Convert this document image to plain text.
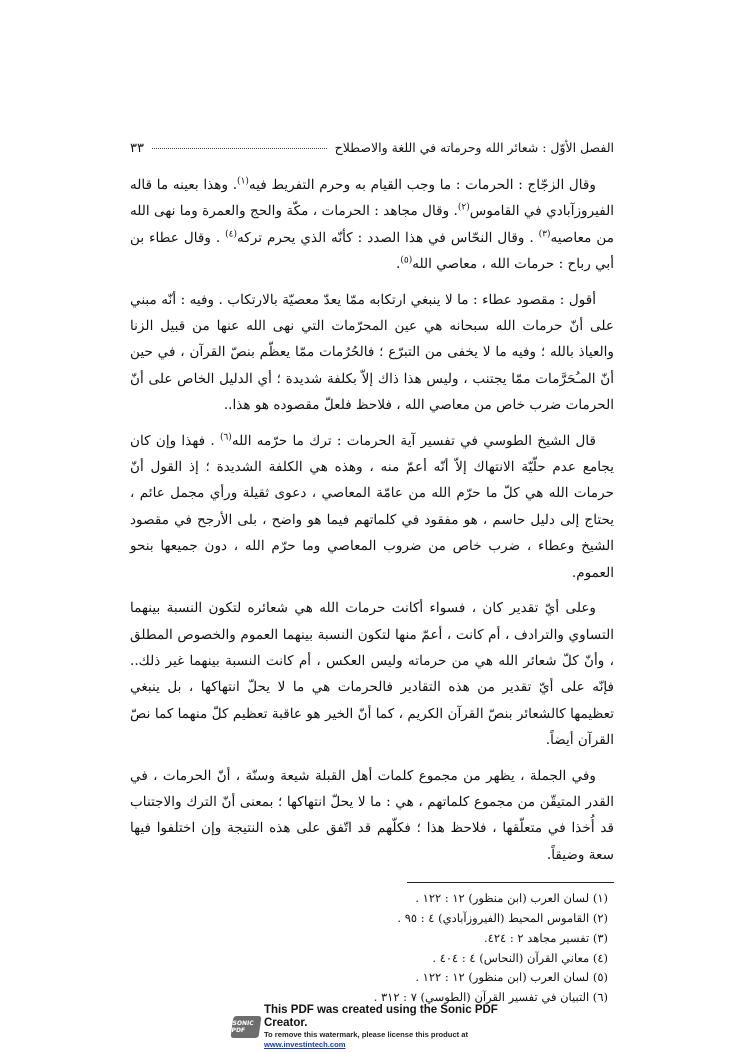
الفصل الأوّل : شعائر الله وحرماته في اللغة والاصطلاح
٣٣

وقال الزجّاج : الحرمات : ما وجب القيام به وحرم التفريط فيه$^{(١)}$. وهذا بعينه ما قاله الفيروزآبادي في القاموس$^{(٢)}$. وقال مجاهد : الحرمات ، مكّة والحج والعمرة وما نهى الله من معاصيه$^{(٣)}$ . وقال النحّاس في هذا الصدد : كأنّه الذي يحرم تركه$^{(٤)}$ . وقال عطاء بن أبي رباح : حرمات الله ، معاصي الله$^{(٥)}$.

أقول : مقصود عطاء : ما لا ينبغي ارتكابه ممّا يعدّ معصيّة بالارتكاب . وفيه : أنّه مبني على أنّ حرمات الله سبحانه هي عين المحرّمات التي نهى الله عنها من قبيل الزنا والعياذ بالله ؛ وفيه ما لا يخفى من التبرّع ؛ فالحُرُمات ممّا يعظّم بنصّ القرآن ، في حين أنّ المـُحَرَّمات ممّا يجتنب ، وليس هذا ذاك إلاّ بكلفة شديدة ؛ أي الدليل الخاص على أنّ الحرمات ضرب خاص من معاصي الله ، فلاحظ فلعلّ مقصوده هو هذا..

قال الشيخ الطوسي في تفسير آية الحرمات : ترك ما حرّمه الله$^{(٦)}$ . فهذا وإن كان يجامع عدم حلّيّة الانتهاك إلاّ أنّه أعمّ منه ، وهذه هي الكلفة الشديدة ؛ إذ القول أنّ حرمات الله هي كلّ ما حرّم الله من عامّة المعاصي ، دعوى ثقيلة ورأي مجمل عائم ، يحتاج إلى دليل حاسم ، هو مفقود في كلماتهم فيما هو واضح ، بلى الأرجح في مقصود الشيخ وعطاء ، ضرب خاص من ضروب المعاصي وما حرّم الله ، دون جميعها بنحو العموم.

وعلى أيّ تقدير كان ، فسواء أكانت حرمات الله هي شعائره لتكون النسبة بينهما التساوي والترادف ، أم كانت ، أعمّ منها لتكون النسبة بينهما العموم والخصوص المطلق ، وأنّ كلّ شعائر الله هي من حرماته وليس العكس ، أم كانت النسبة بينهما غير ذلك.. فإنّه على أيّ تقدير من هذه التقادير فالحرمات هي ما لا يحلّ انتهاكها ، بل ينبغي تعظيمها كالشعائر بنصّ القرآن الكريم ، كما أنّ الخير هو عاقبة تعظيم كلّ منهما كما نصّ القرآن أيضاً.

وفي الجملة ، يظهر من مجموع كلمات أهل القبلة شيعة وسنّة ، أنّ الحرمات ، في القدر المتيقّن من مجموع كلماتهم ، هي : ما لا يحلّ انتهاكها ؛ بمعنى أنّ الترك والاجتناب قد أُخذا في متعلّقها ، فلاحظ هذا ؛ فكلّهم قد اتّفق على هذه النتيجة وإن اختلفوا فيها سعة وضيقاً.

(١) لسان العرب (ابن منظور) ١٢ : ١٢٢ .
(٢) القاموس المحيط (الفيروزآبادي) ٤ : ٩٥ .
(٣) تفسير مجاهد ٢ : ٤٢٤.
(٤) معاني القرآن (النحاس) ٤ : ٤٠٤ .
(٥) لسان العرب (ابن منظور) ١٢ : ١٢٢ .
(٦) التبيان في تفسير القرآن (الطوسي) ٧ : ٣١٢ .
SONIC PDF
This PDF was created using the Sonic PDF Creator.
To remove this watermark, please license this product at www.investintech.com
